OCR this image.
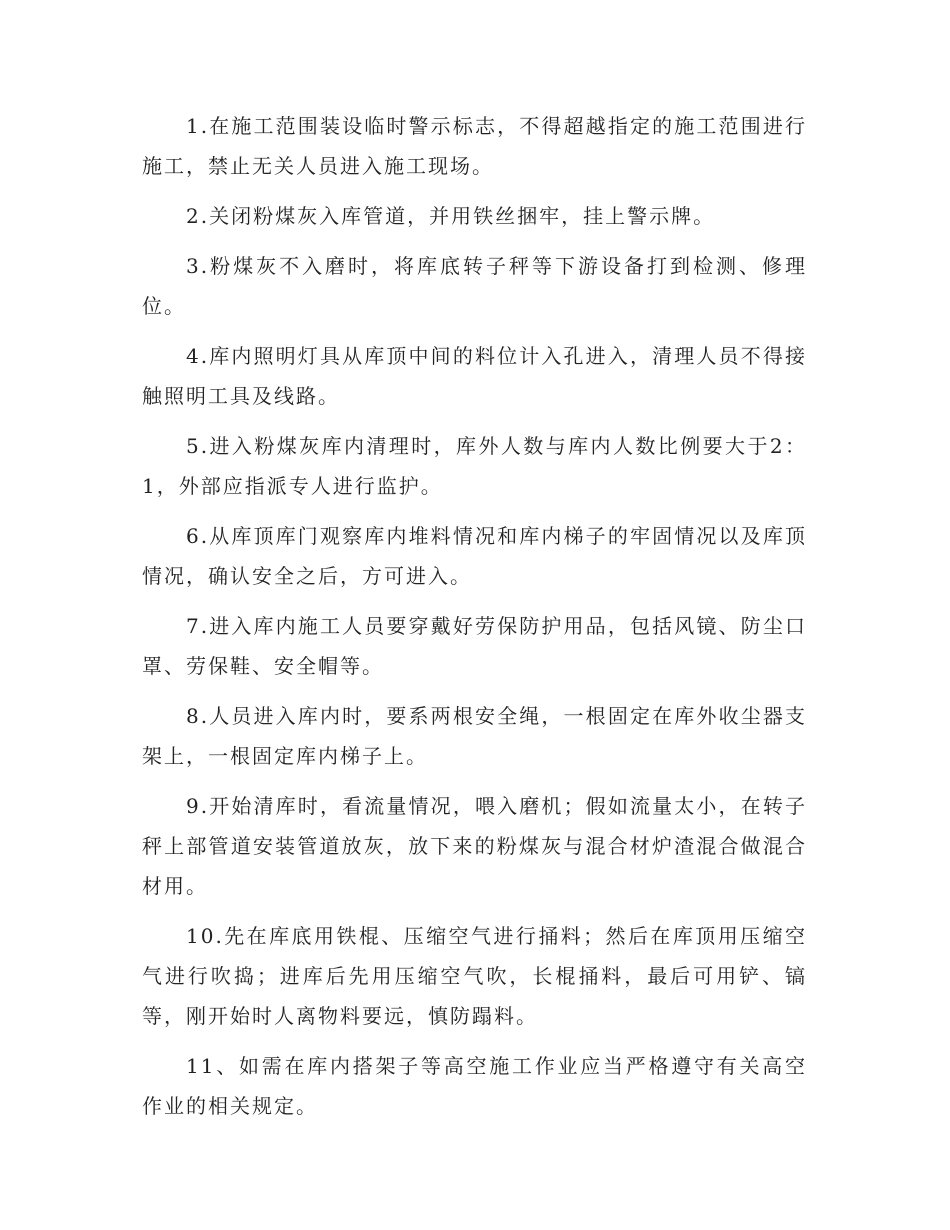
1.在施工范围装设临时警示标志，不得超越指定的施工范围进行施工，禁止无关人员进入施工现场。

2.关闭粉煤灰入库管道，并用铁丝捆牢，挂上警示牌。

3.粉煤灰不入磨时，将库底转子秤等下游设备打到检测、修理位。

4.库内照明灯具从库顶中间的料位计入孔进入，清理人员不得接触照明工具及线路。

5.进入粉煤灰库内清理时，库外人数与库内人数比例要大于2：1，外部应指派专人进行监护。

6.从库顶库门观察库内堆料情况和库内梯子的牢固情况以及库顶情况，确认安全之后，方可进入。

7.进入库内施工人员要穿戴好劳保防护用品，包括风镜、防尘口罩、劳保鞋、安全帽等。

8.人员进入库内时，要系两根安全绳，一根固定在库外收尘器支架上，一根固定库内梯子上。

9.开始清库时，看流量情况，喂入磨机；假如流量太小，在转子秤上部管道安装管道放灰，放下来的粉煤灰与混合材炉渣混合做混合材用。

10.先在库底用铁棍、压缩空气进行捅料；然后在库顶用压缩空气进行吹捣；进库后先用压缩空气吹，长棍捅料，最后可用铲、镐等，刚开始时人离物料要远，慎防蹋料。

11、如需在库内搭架子等高空施工作业应当严格遵守有关高空作业的相关规定。
